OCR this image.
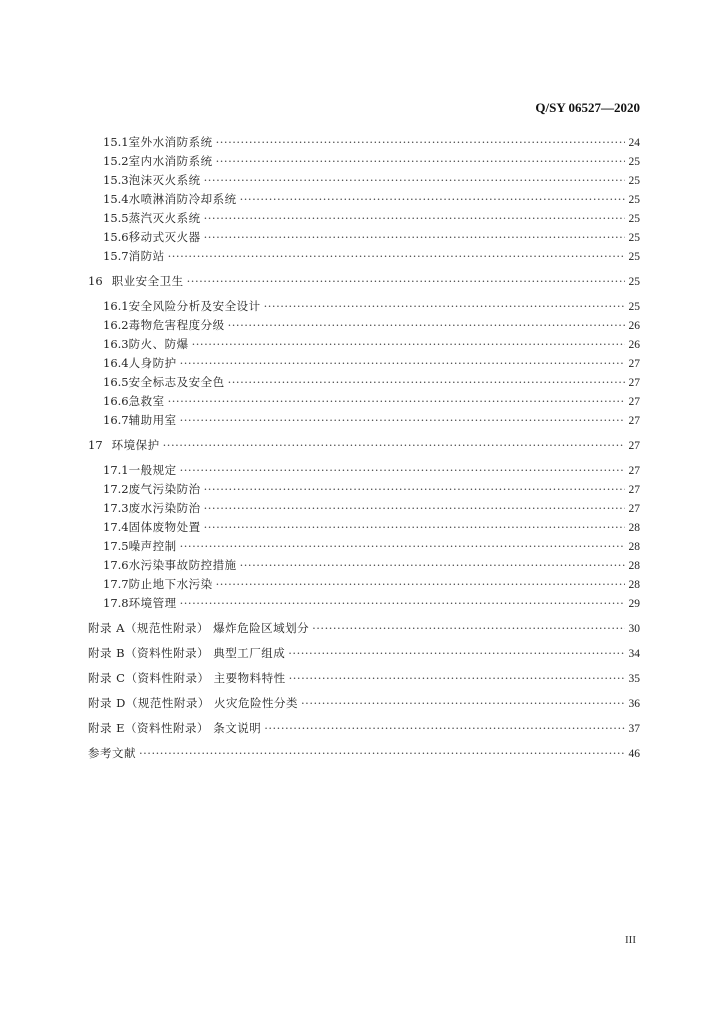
Q/SY 06527—2020
15.1 室外水消防系统 ·····	24
15.2 室内水消防系统 ·····	25
15.3 泡沫灭火系统 ·····	25
15.4 水喷淋消防冷却系统 ·····	25
15.5 蒸汽灭火系统 ·····	25
15.6 移动式灭火器 ·····	25
15.7 消防站 ·····	25
16 职业安全卫生 ·····	25
16.1 安全风险分析及安全设计 ·····	25
16.2 毒物危害程度分级 ·····	26
16.3 防火、防爆 ·····	26
16.4 人身防护 ·····	27
16.5 安全标志及安全色 ·····	27
16.6 急救室 ·····	27
16.7 辅助用室 ·····	27
17 环境保护 ·····	27
17.1 一般规定 ·····	27
17.2 废气污染防治 ·····	27
17.3 废水污染防治 ·····	27
17.4 固体废物处置 ·····	28
17.5 噪声控制 ·····	28
17.6 水污染事故防控措施 ·····	28
17.7 防止地下水污染 ·····	28
17.8 环境管理 ·····	29
附录 A（规范性附录） 爆炸危险区域划分 ·····	30
附录 B（资料性附录） 典型工厂组成 ·····	34
附录 C（资料性附录） 主要物料特性 ·····	35
附录 D（规范性附录） 火灾危险性分类 ·····	36
附录 E（资料性附录） 条文说明 ·····	37
参考文献 ·····	46
III
